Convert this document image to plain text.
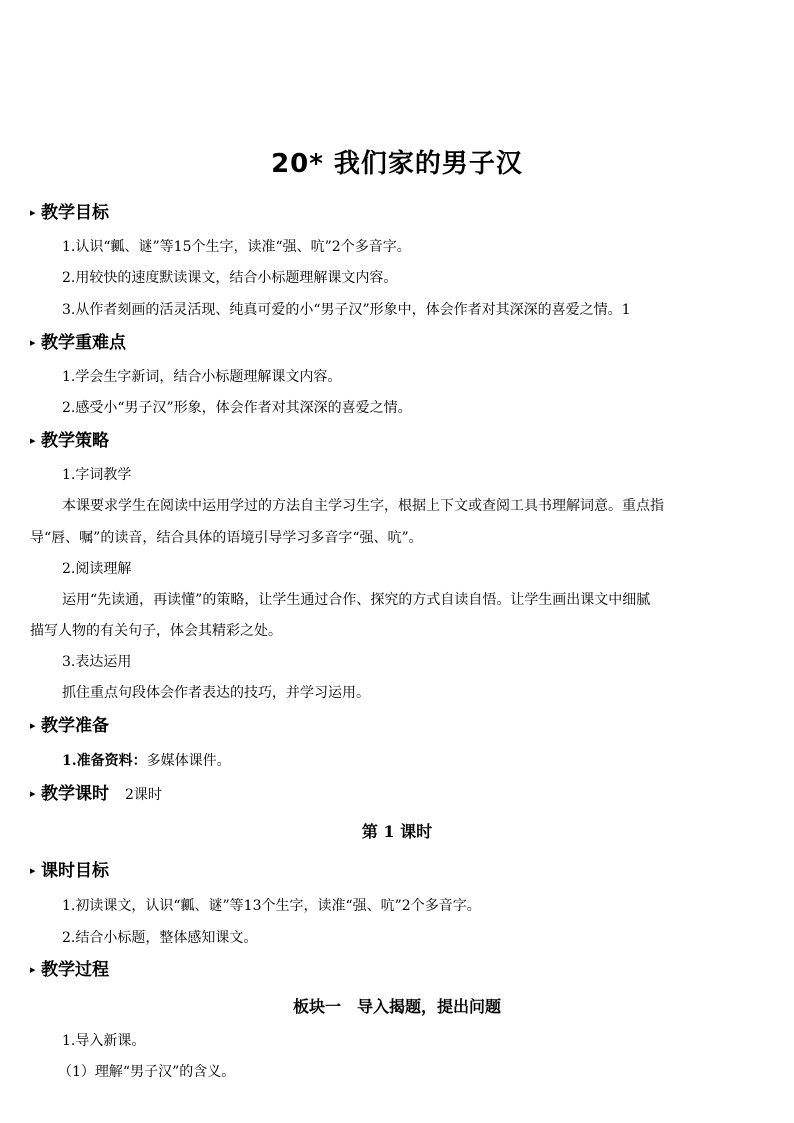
20* 我们家的男子汉
▸ 教学目标
1.认识“瓤、谜”等15个生字，读准“强、吭”2个多音字。
2.用较快的速度默读课文，结合小标题理解课文内容。
3.从作者刻画的活灵活现、纯真可爱的小“男子汉”形象中，体会作者对其深深的喜爱之情。1
▸ 教学重难点
1.学会生字新词，结合小标题理解课文内容。
2.感受小“男子汉”形象，体会作者对其深深的喜爱之情。
▸ 教学策略
1.字词教学
本课要求学生在阅读中运用学过的方法自主学习生字，根据上下文或查阅工具书理解词意。重点指
导“唇、嘱”的读音，结合具体的语境引导学习多音字“强、吭”。
2.阅读理解
运用“先读通，再读懂”的策略，让学生通过合作、探究的方式自读自悟。让学生画出课文中细腻
描写人物的有关句子，体会其精彩之处。
3.表达运用
抓住重点句段体会作者表达的技巧，并学习运用。
▸ 教学准备
1.准备资料：多媒体课件。
▸ 教学课时 2课时
第 1 课时
▸ 课时目标
1.初读课文，认识“瓤、谜”等13个生字，读准“强、吭”2个多音字。
2.结合小标题，整体感知课文。
▸ 教学过程
板块一　导入揭题，提出问题
1.导入新课。
（1）理解“男子汉”的含义。
